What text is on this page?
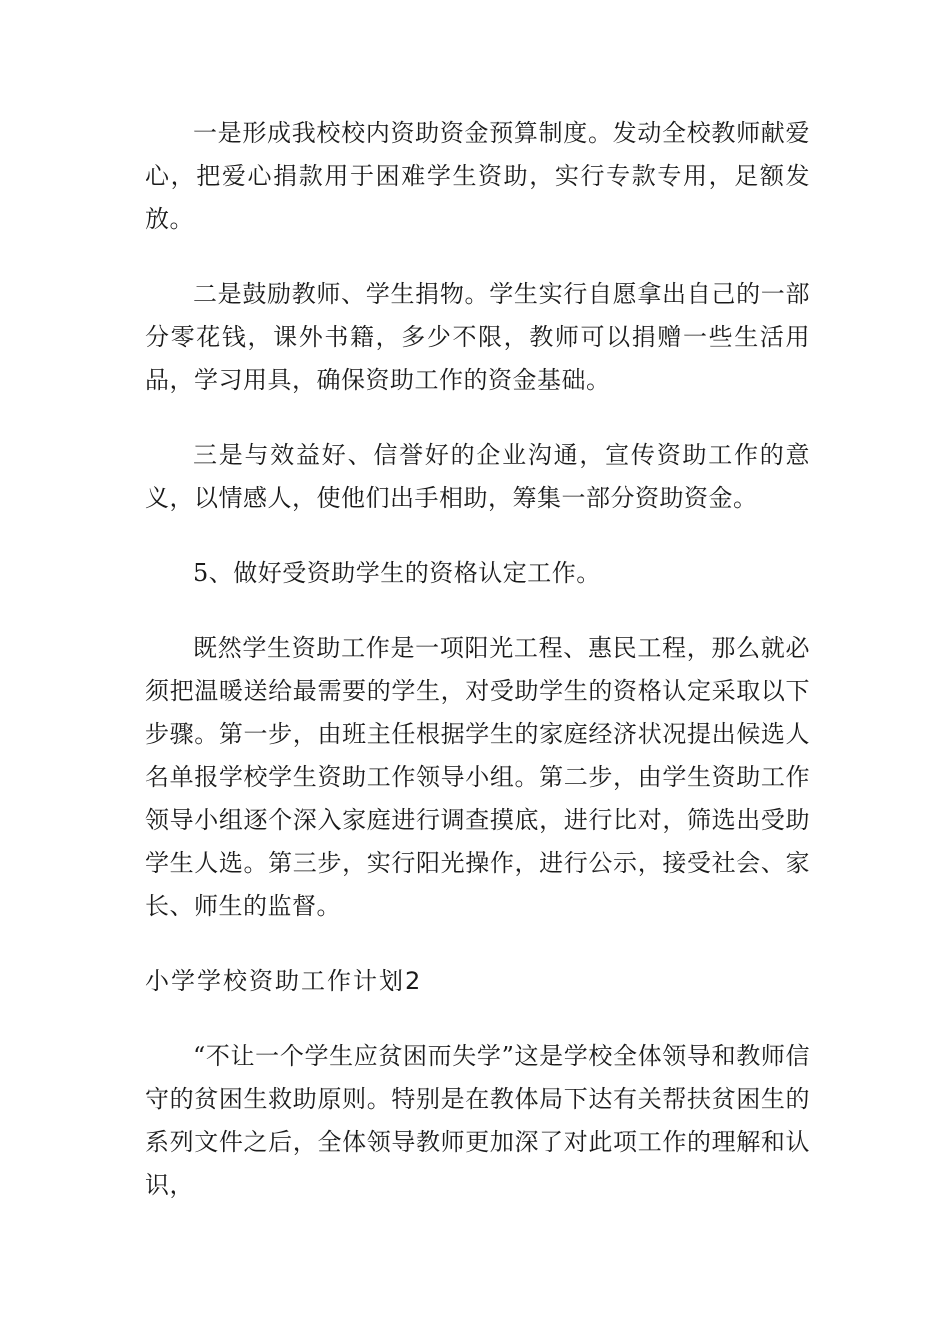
一是形成我校校内资助资金预算制度。发动全校教师献爱心，把爱心捐款用于困难学生资助，实行专款专用，足额发放。

二是鼓励教师、学生捐物。学生实行自愿拿出自己的一部分零花钱，课外书籍，多少不限，教师可以捐赠一些生活用品，学习用具，确保资助工作的资金基础。

三是与效益好、信誉好的企业沟通，宣传资助工作的意义，以情感人，使他们出手相助，筹集一部分资助资金。

5、做好受资助学生的资格认定工作。

既然学生资助工作是一项阳光工程、惠民工程，那么就必须把温暖送给最需要的学生，对受助学生的资格认定采取以下步骤。第一步，由班主任根据学生的家庭经济状况提出候选人名单报学校学生资助工作领导小组。第二步，由学生资助工作领导小组逐个深入家庭进行调查摸底，进行比对，筛选出受助学生人选。第三步，实行阳光操作，进行公示，接受社会、家长、师生的监督。

小学学校资助工作计划2

“不让一个学生应贫困而失学”这是学校全体领导和教师信守的贫困生救助原则。特别是在教体局下达有关帮扶贫困生的系列文件之后，全体领导教师更加深了对此项工作的理解和认识，
